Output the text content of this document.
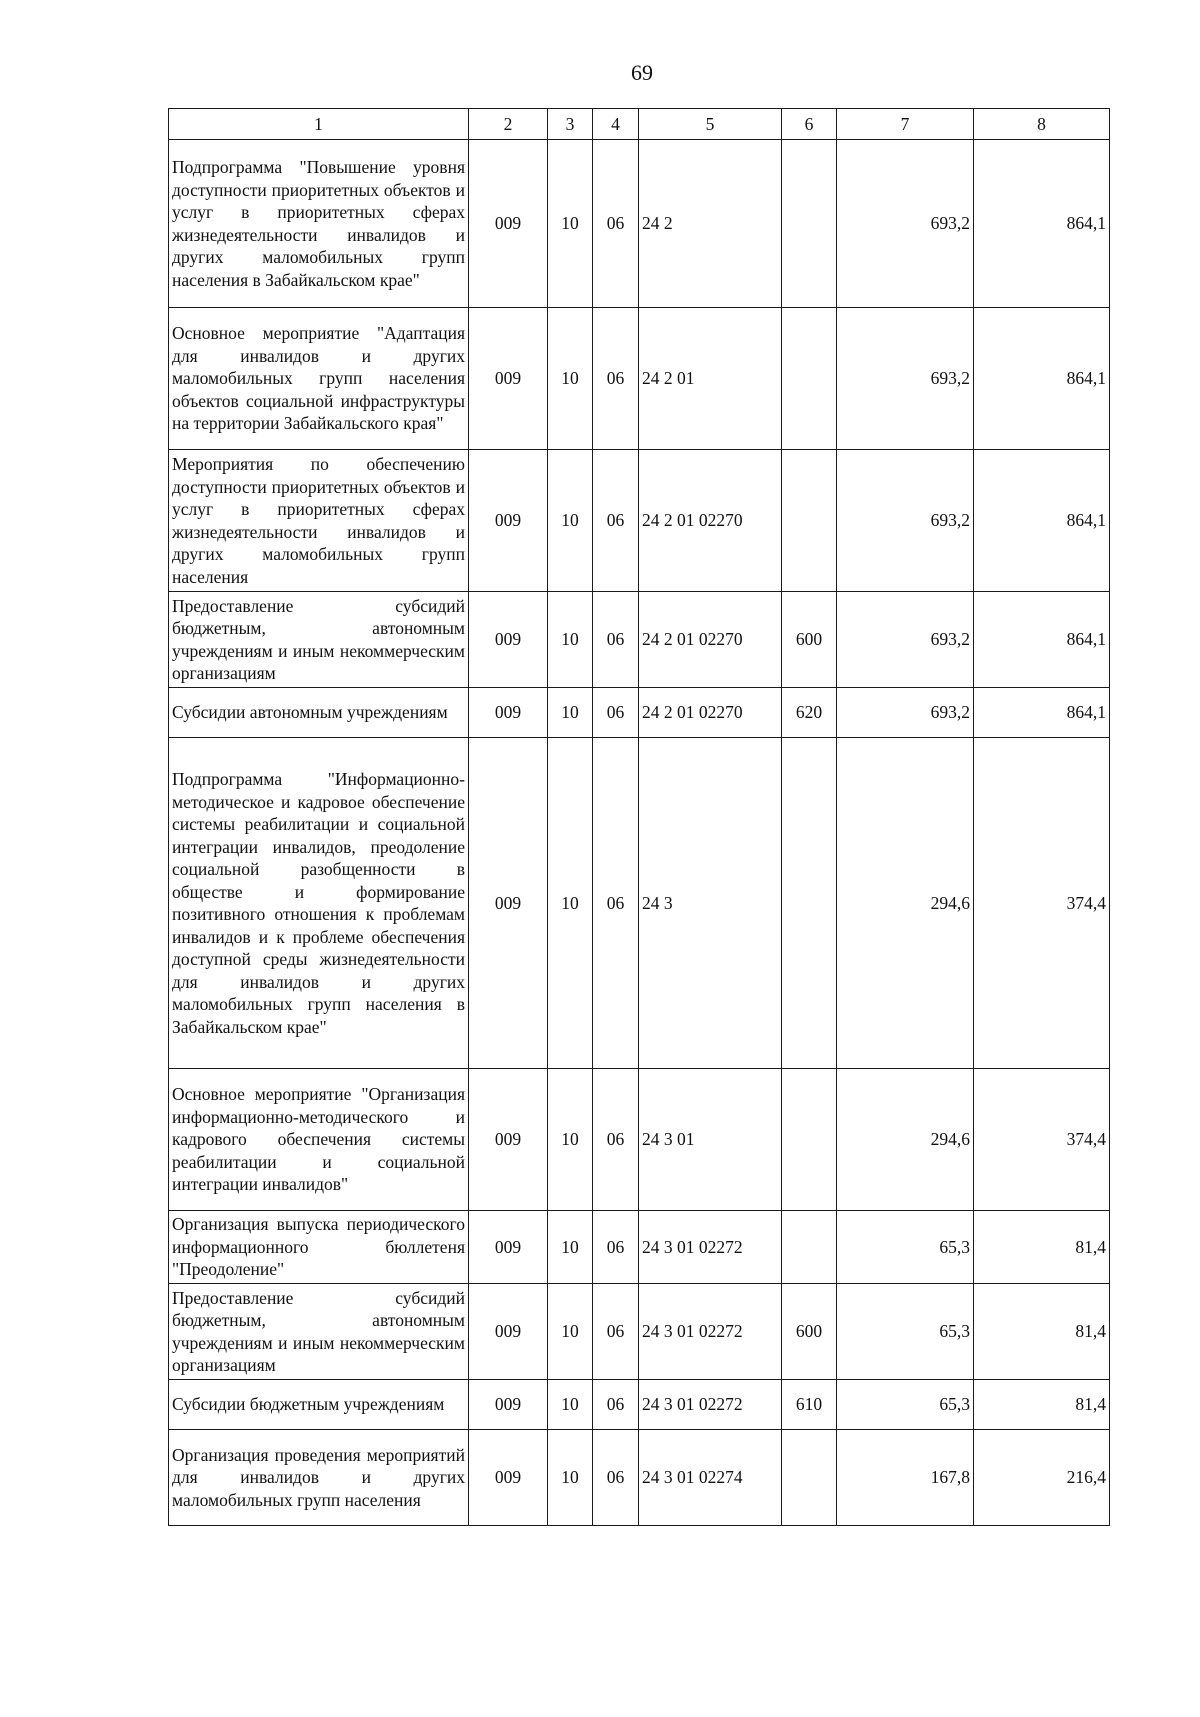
69
1	2	3	4	5	6	7	8
Подпрограмма "Повышение уровня доступности приоритетных объектов и услуг в приоритетных сферах жизнедеятельности инвалидов и других маломобильных групп населения в Забайкальском крае"	009	10	06	24 2		693,2	864,1
Основное мероприятие "Адаптация для инвалидов и других маломобильных групп населения объектов социальной инфраструктуры на территории Забайкальского края"	009	10	06	24 2 01		693,2	864,1
Мероприятия по обеспечению доступности приоритетных объектов и услуг в приоритетных сферах жизнедеятельности инвалидов и других маломобильных групп населения	009	10	06	24 2 01 02270		693,2	864,1
Предоставление субсидий бюджетным, автономным учреждениям и иным некоммерческим организациям	009	10	06	24 2 01 02270	600	693,2	864,1
Субсидии автономным учреждениям	009	10	06	24 2 01 02270	620	693,2	864,1
Подпрограмма "Информационно-методическое и кадровое обеспечение системы реабилитации и социальной интеграции инвалидов, преодоление социальной разобщенности в обществе и формирование позитивного отношения к проблемам инвалидов и к проблеме обеспечения доступной среды жизнедеятельности для инвалидов и других маломобильных групп населения в Забайкальском крае"	009	10	06	24 3		294,6	374,4
Основное мероприятие "Организация информационно-методического и кадрового обеспечения системы реабилитации и социальной интеграции инвалидов"	009	10	06	24 3 01		294,6	374,4
Организация выпуска периодического информационного бюллетеня "Преодоление"	009	10	06	24 3 01 02272		65,3	81,4
Предоставление субсидий бюджетным, автономным учреждениям и иным некоммерческим организациям	009	10	06	24 3 01 02272	600	65,3	81,4
Субсидии бюджетным учреждениям	009	10	06	24 3 01 02272	610	65,3	81,4
Организация проведения мероприятий для инвалидов и других маломобильных групп населения	009	10	06	24 3 01 02274		167,8	216,4
